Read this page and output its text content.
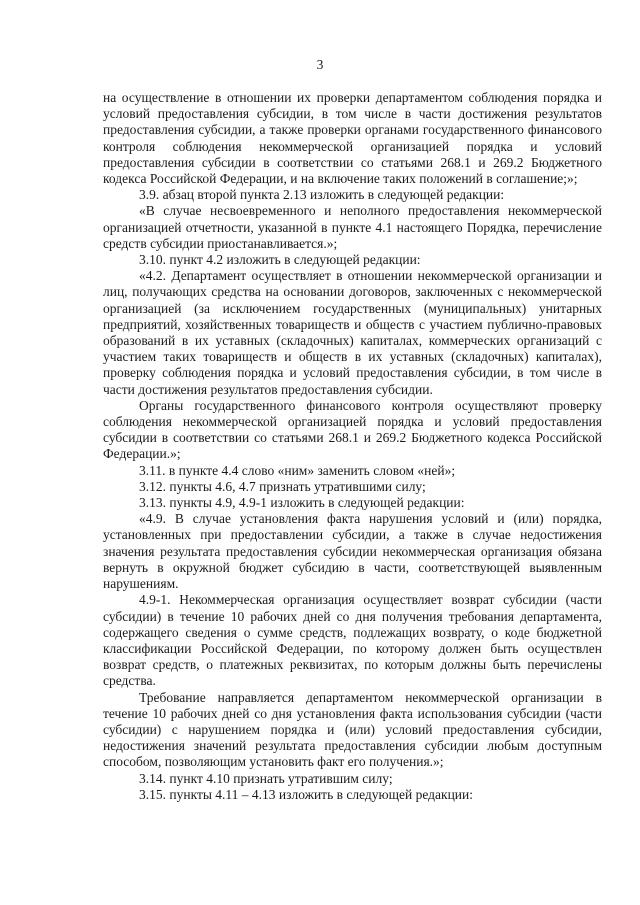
3

на осуществление в отношении их проверки департаментом соблюдения порядка и условий предоставления субсидии, в том числе в части достижения результатов предоставления субсидии, а также проверки органами государственного финансового контроля соблюдения некоммерческой организацией порядка и условий предоставления субсидии в соответствии со статьями 268.1 и 269.2 Бюджетного кодекса Российской Федерации, и на включение таких положений в соглашение;»;

3.9. абзац второй пункта 2.13 изложить в следующей редакции:

«В случае несвоевременного и неполного предоставления некоммерческой организацией отчетности, указанной в пункте 4.1 настоящего Порядка, перечисление средств субсидии приостанавливается.»;

3.10. пункт 4.2 изложить в следующей редакции:

«4.2. Департамент осуществляет в отношении некоммерческой организации и лиц, получающих средства на основании договоров, заключенных с некоммерческой организацией (за исключением государственных (муниципальных) унитарных предприятий, хозяйственных товариществ и обществ с участием публично-правовых образований в их уставных (складочных) капиталах, коммерческих организаций с участием таких товариществ и обществ в их уставных (складочных) капиталах), проверку соблюдения порядка и условий предоставления субсидии, в том числе в части достижения результатов предоставления субсидии.

Органы государственного финансового контроля осуществляют проверку соблюдения некоммерческой организацией порядка и условий предоставления субсидии в соответствии со статьями 268.1 и 269.2 Бюджетного кодекса Российской Федерации.»;

3.11. в пункте 4.4 слово «ним» заменить словом «ней»;

3.12. пункты 4.6, 4.7 признать утратившими силу;

3.13. пункты 4.9, 4.9-1 изложить в следующей редакции:

«4.9. В случае установления факта нарушения условий и (или) порядка, установленных при предоставлении субсидии, а также в случае недостижения значения результата предоставления субсидии некоммерческая организация обязана вернуть в окружной бюджет субсидию в части, соответствующей выявленным нарушениям.

4.9-1. Некоммерческая организация осуществляет возврат субсидии (части субсидии) в течение 10 рабочих дней со дня получения требования департамента, содержащего сведения о сумме средств, подлежащих возврату, о коде бюджетной классификации Российской Федерации, по которому должен быть осуществлен возврат средств, о платежных реквизитах, по которым должны быть перечислены средства.

Требование направляется департаментом некоммерческой организации в течение 10 рабочих дней со дня установления факта использования субсидии (части субсидии) с нарушением порядка и (или) условий предоставления субсидии, недостижения значений результата предоставления субсидии любым доступным способом, позволяющим установить факт его получения.»;

3.14. пункт 4.10 признать утратившим силу;

3.15. пункты 4.11 – 4.13 изложить в следующей редакции:
